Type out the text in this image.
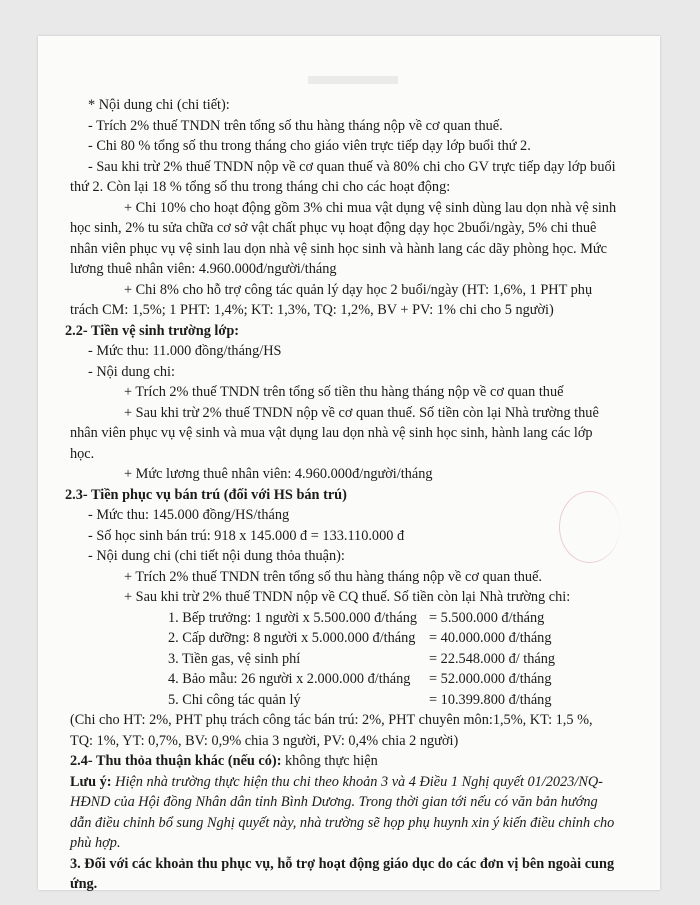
* Nội dung chi (chi tiết):

- Trích 2% thuế TNDN trên tổng số thu hàng tháng nộp về cơ quan thuế.

- Chi 80 % tổng số thu trong tháng cho giáo viên trực tiếp dạy lớp buổi thứ 2.

- Sau khi trừ 2% thuế TNDN nộp về cơ quan thuế và 80% chi cho GV trực tiếp dạy lớp buổi thứ 2. Còn lại 18 % tổng số thu trong tháng chi cho các hoạt động:

+ Chi 10% cho hoạt động gồm 3% chi mua vật dụng vệ sinh dùng lau dọn nhà vệ sinh học sinh, 2% tu sửa chữa cơ sở vật chất phục vụ hoạt động dạy học 2buổi/ngày, 5% chi thuê nhân viên phục vụ vệ sinh lau dọn nhà vệ sinh học sinh và hành lang các dãy phòng học. Mức lương thuê nhân viên: 4.960.000đ/người/tháng

+ Chi 8% cho hỗ trợ công tác quản lý dạy học 2 buổi/ngày (HT: 1,6%, 1 PHT phụ trách CM: 1,5%; 1 PHT: 1,4%; KT: 1,3%, TQ: 1,2%, BV + PV: 1% chi cho 5 người)

2.2- Tiền vệ sinh trường lớp:

- Mức thu: 11.000 đồng/tháng/HS

- Nội dung chi:

+ Trích 2% thuế TNDN trên tổng số tiền thu hàng tháng nộp về cơ quan thuế

+ Sau khi trừ 2% thuế TNDN nộp về cơ quan thuế. Số tiền còn lại Nhà trường thuê nhân viên phục vụ vệ sinh và mua vật dụng lau dọn nhà vệ sinh học sinh, hành lang các lớp học.

+ Mức lương thuê nhân viên: 4.960.000đ/người/tháng

2.3- Tiền phục vụ bán trú (đối với HS bán trú)

- Mức thu: 145.000 đồng/HS/tháng

- Số học sinh bán trú: 918 x 145.000 đ = 133.110.000 đ

- Nội dung chi (chi tiết nội dung thỏa thuận):

+ Trích 2% thuế TNDN trên tổng số thu hàng tháng nộp về cơ quan thuế.

+ Sau khi trừ 2% thuế TNDN nộp về CQ thuế. Số tiền còn lại Nhà trường chi:

1. Bếp trưởng: 1 người x 5.500.000 đ/tháng	= 5.500.000 đ/tháng
2. Cấp dưỡng: 8 người x 5.000.000 đ/tháng	= 40.000.000 đ/tháng
3. Tiền gas, vệ sinh phí	= 22.548.000 đ/ tháng
4. Bảo mẫu: 26 người x 2.000.000 đ/tháng	= 52.000.000 đ/tháng
5. Chi công tác quản lý	= 10.399.800 đ/tháng

(Chi cho HT: 2%, PHT phụ trách công tác bán trú: 2%, PHT chuyên môn:1,5%, KT: 1,5 %, TQ: 1%, YT: 0,7%, BV: 0,9% chia 3 người, PV: 0,4% chia 2 người)

2.4- Thu thỏa thuận khác (nếu có): không thực hiện

Lưu ý: Hiện nhà trường thực hiện thu chi theo khoản 3 và 4 Điều 1 Nghị quyết 01/2023/NQ-HĐND của Hội đồng Nhân dân tỉnh Bình Dương. Trong thời gian tới nếu có văn bản hướng dẫn điều chỉnh bổ sung Nghị quyết này, nhà trường sẽ họp phụ huynh xin ý kiến điều chỉnh cho phù hợp.

3. Đối với các khoản thu phục vụ, hỗ trợ hoạt động giáo dục do các đơn vị bên ngoài cung ứng.
